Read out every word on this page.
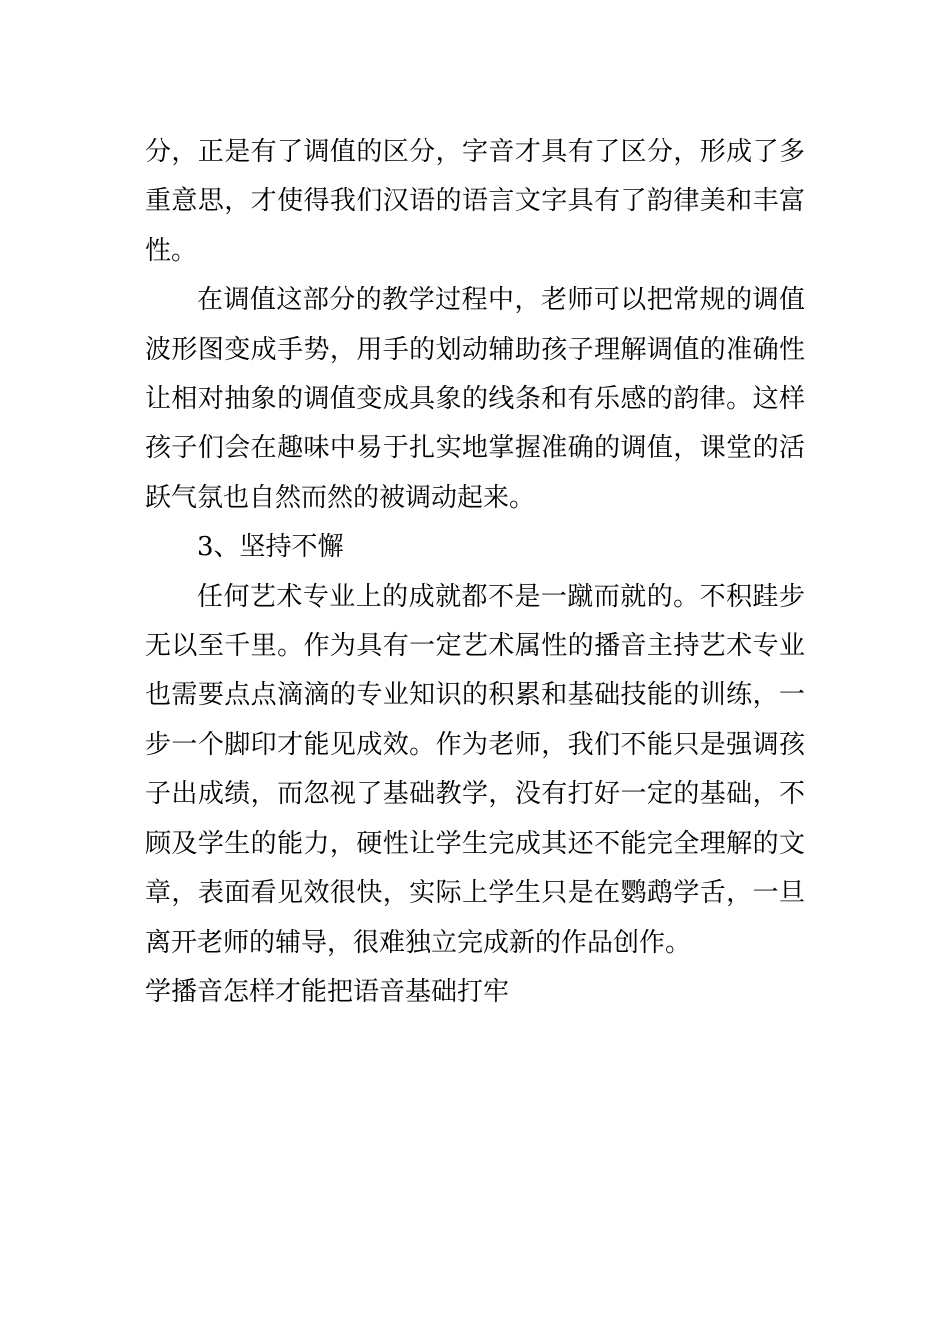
分，正是有了调值的区分，字音才具有了区分，形成了多重意思，才使得我们汉语的语言文字具有了韵律美和丰富性。

在调值这部分的教学过程中，老师可以把常规的调值波形图变成手势，用手的划动辅助孩子理解调值的准确性让相对抽象的调值变成具象的线条和有乐感的韵律。这样孩子们会在趣味中易于扎实地掌握准确的调值，课堂的活跃气氛也自然而然的被调动起来。

3、坚持不懈

任何艺术专业上的成就都不是一蹴而就的。不积跬步无以至千里。作为具有一定艺术属性的播音主持艺术专业也需要点点滴滴的专业知识的积累和基础技能的训练，一步一个脚印才能见成效。作为老师，我们不能只是强调孩子出成绩，而忽视了基础教学，没有打好一定的基础，不顾及学生的能力，硬性让学生完成其还不能完全理解的文章，表面看见效很快，实际上学生只是在鹦鹉学舌，一旦离开老师的辅导，很难独立完成新的作品创作。

学播音怎样才能把语音基础打牢
